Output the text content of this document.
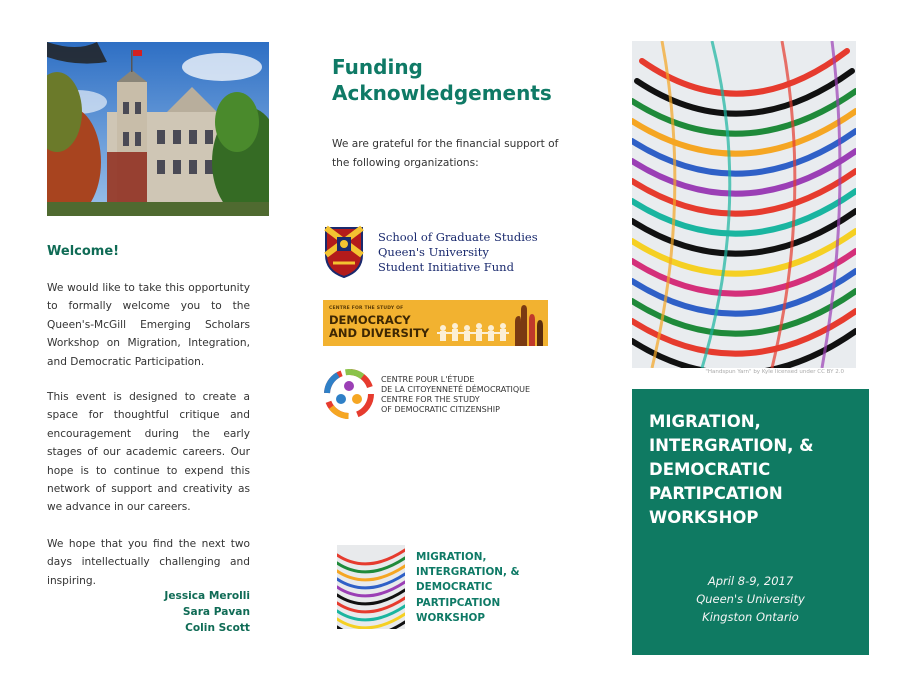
Welcome!
We would like to take this opportunity to formally welcome you to the Queen's-McGill Emerging Scholars Workshop on Migration, Integration, and Democratic Participation.
This event is designed to create a space for thoughtful critique and encouragement during the early stages of our academic careers. Our hope is to continue to expend this network of support and creativity as we advance in our careers.
We hope that you find the next two days intellectually challenging and inspiring.
Jessica Merolli
Sara Pavan
Colin Scott
Funding Acknowledgements
We are grateful for the financial support of the following organizations:
School of Graduate Studies
Queen's University
Student Initiative Fund
CENTRE FOR THE STUDY OF
DEMOCRACY
AND DIVERSITY
CENTRE POUR L'ÉTUDE
DE LA CITOYENNETÉ DÉMOCRATIQUE
CENTRE FOR THE STUDY
OF DEMOCRATIC CITIZENSHIP
MIGRATION,
INTERGRATION, &
DEMOCRATIC
PARTIPCATION
WORKSHOP
"Handspun Yarn" by Kyle licensed under CC BY 2.0
MIGRATION,
INTERGRATION, &
DEMOCRATIC
PARTIPCATION
WORKSHOP
April 8-9, 2017
Queen's University
Kingston Ontario
